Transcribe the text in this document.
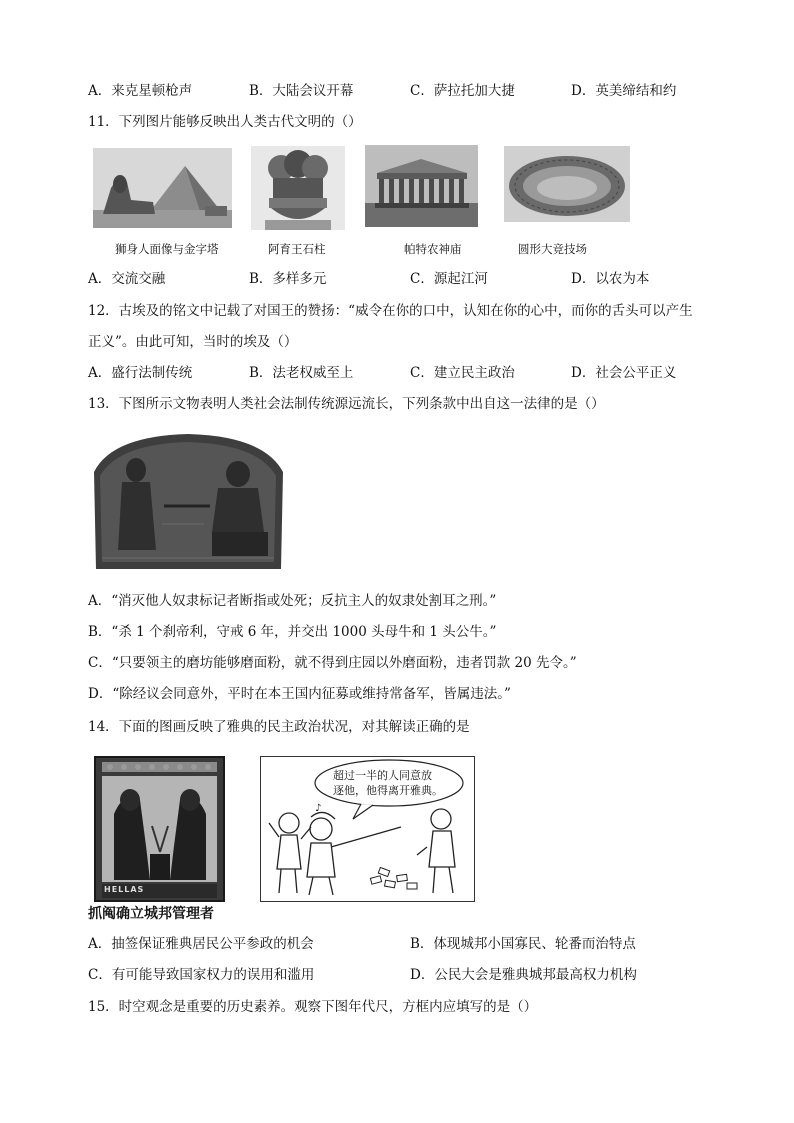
A．来克星顿枪声	B．大陆会议开幕	C．萨拉托加大捷	D．英美缔结和约
11．下列图片能够反映出人类古代文明的（）
狮身人面像与金字塔	阿育王石柱	帕特农神庙	圆形大竞技场
A．交流交融	B．多样多元	C．源起江河	D．以农为本
12．古埃及的铭文中记载了对国王的赞扬：“威令在你的口中，认知在你的心中，而你的舌头可以产生
正义”。由此可知，当时的埃及（）
A．盛行法制传统	B．法老权威至上	C．建立民主政治	D．社会公平正义
13．下图所示文物表明人类社会法制传统源远流长，下列条款中出自这一法律的是（）
A．“消灭他人奴隶标记者断指或处死；反抗主人的奴隶处割耳之刑。”
B．“杀 1 个刹帝利，守戒 6 年，并交出 1000 头母牛和 1 头公牛。”
C．“只要领主的磨坊能够磨面粉，就不得到庄园以外磨面粉，违者罚款 20 先令。”
D．“除经议会同意外，平时在本王国内征募或维持常备军，皆属违法。”
14．下面的图画反映了雅典的民主政治状况，对其解读正确的是
HELLAS
♪
超过一半的人同意放
逐他，他得离开雅典。
抓阄确立城邦管理者
A．抽签保证雅典居民公平参政的机会	B．体现城邦小国寡民、轮番而治特点
C．有可能导致国家权力的误用和滥用	D．公民大会是雅典城邦最高权力机构
15．时空观念是重要的历史素养。观察下图年代尺，方框内应填写的是（）
